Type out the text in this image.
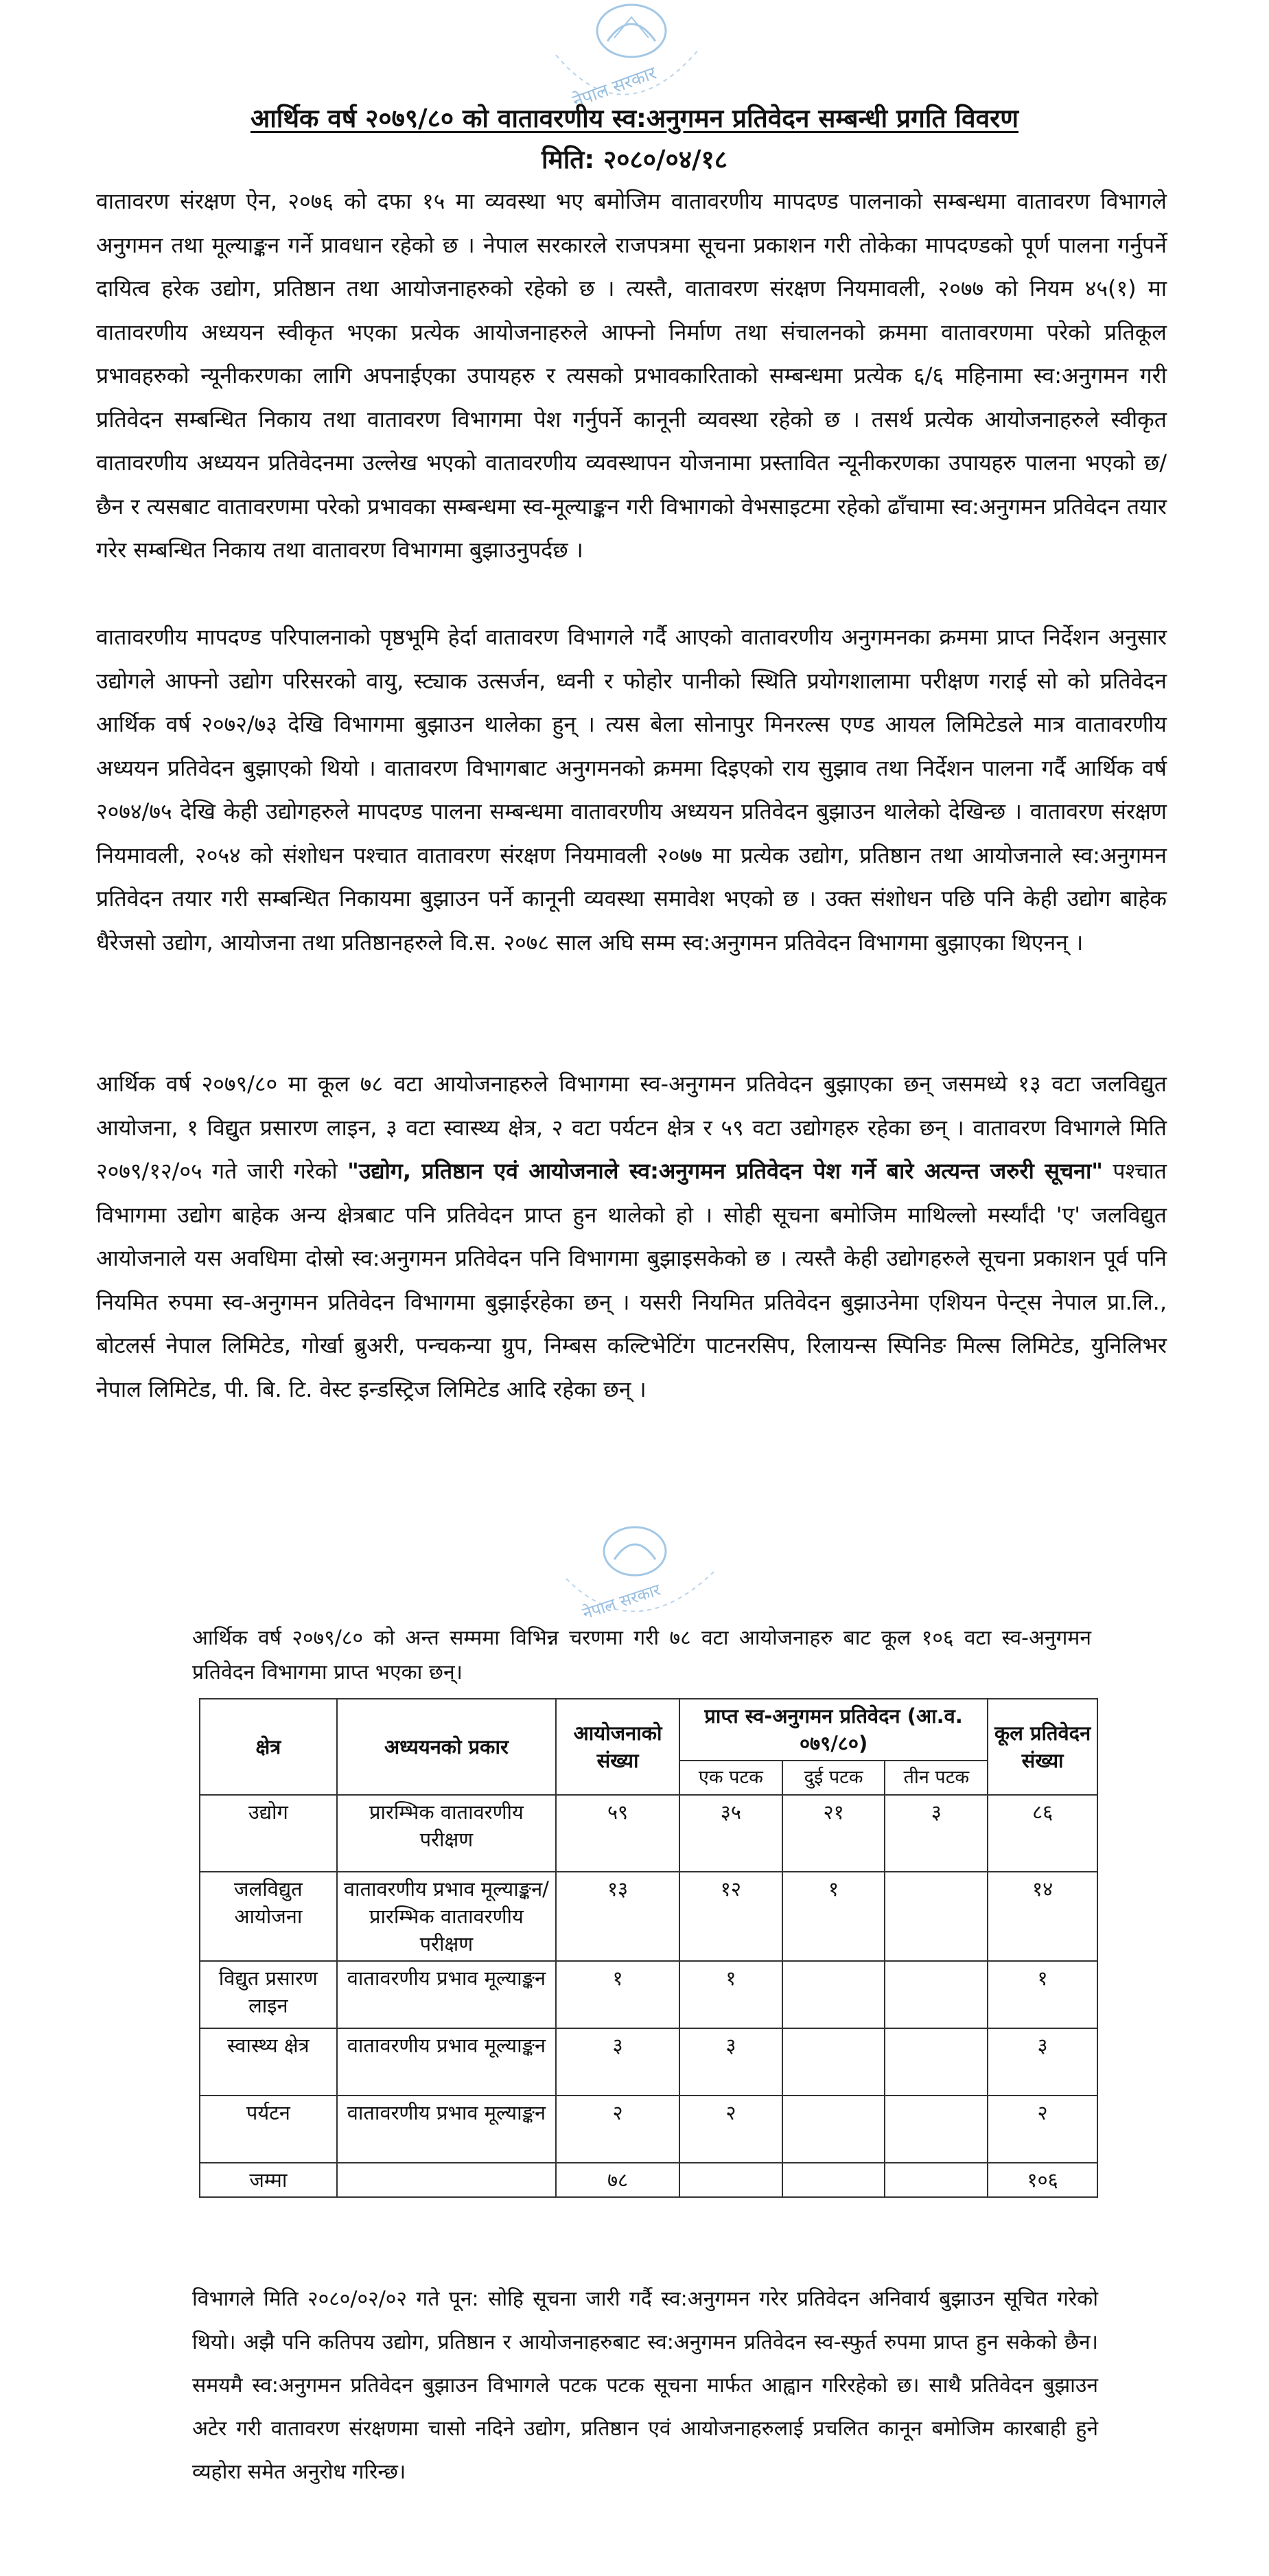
नेपाल सरकार
आर्थिक वर्ष २०७९/८० को वातावरणीय स्व:अनुगमन प्रतिवेदन सम्बन्धी प्रगति विवरण
मिति: २०८०/०४/१८
वातावरण संरक्षण ऐन, २०७६ को दफा १५ मा व्यवस्था भए बमोजिम वातावरणीय मापदण्ड पालनाको सम्बन्धमा वातावरण विभागले अनुगमन तथा मूल्याङ्कन गर्ने प्रावधान रहेको छ । नेपाल सरकारले राजपत्रमा सूचना प्रकाशन गरी तोकेका मापदण्डको पूर्ण पालना गर्नुपर्ने दायित्व हरेक उद्योग, प्रतिष्ठान तथा आयोजनाहरुको रहेको छ । त्यस्तै, वातावरण संरक्षण नियमावली, २०७७ को नियम ४५(१) मा वातावरणीय अध्ययन स्वीकृत भएका प्रत्येक आयोजनाहरुले आफ्नो निर्माण तथा संचालनको क्रममा वातावरणमा परेको प्रतिकूल प्रभावहरुको न्यूनीकरणका लागि अपनाईएका उपायहरु र त्यसको प्रभावकारिताको सम्बन्धमा प्रत्येक ६/६ महिनामा स्व:अनुगमन गरी प्रतिवेदन सम्बन्धित निकाय तथा वातावरण विभागमा पेश गर्नुपर्ने कानूनी व्यवस्था रहेको छ । तसर्थ प्रत्येक आयोजनाहरुले स्वीकृत वातावरणीय अध्ययन प्रतिवेदनमा उल्लेख भएको वातावरणीय व्यवस्थापन योजनामा प्रस्तावित न्यूनीकरणका उपायहरु पालना भएको छ/छैन र त्यसबाट वातावरणमा परेको प्रभावका सम्बन्धमा स्व-मूल्याङ्कन गरी विभागको वेभसाइटमा रहेको ढाँचामा स्व:अनुगमन प्रतिवेदन तयार गरेर सम्बन्धित निकाय तथा वातावरण विभागमा बुझाउनुपर्दछ ।
वातावरणीय मापदण्ड परिपालनाको पृष्ठभूमि हेर्दा वातावरण विभागले गर्दै आएको वातावरणीय अनुगमनका क्रममा प्राप्त निर्देशन अनुसार उद्योगले आफ्नो उद्योग परिसरको वायु, स्ट्याक उत्सर्जन, ध्वनी र फोहोर पानीको स्थिति प्रयोगशालामा परीक्षण गराई सो को प्रतिवेदन आर्थिक वर्ष २०७२/७३ देखि विभागमा बुझाउन थालेका हुन् । त्यस बेला सोनापुर मिनरल्स एण्ड आयल लिमिटेडले मात्र वातावरणीय अध्ययन प्रतिवेदन बुझाएको थियो । वातावरण विभागबाट अनुगमनको क्रममा दिइएको राय सुझाव तथा निर्देशन पालना गर्दै आर्थिक वर्ष २०७४/७५ देखि केही उद्योगहरुले मापदण्ड पालना सम्बन्धमा वातावरणीय अध्ययन प्रतिवेदन बुझाउन थालेको देखिन्छ । वातावरण संरक्षण नियमावली, २०५४ को संशोधन पश्चात वातावरण संरक्षण नियमावली २०७७ मा प्रत्येक उद्योग, प्रतिष्ठान तथा आयोजनाले स्व:अनुगमन प्रतिवेदन तयार गरी सम्बन्धित निकायमा बुझाउन पर्ने कानूनी व्यवस्था समावेश भएको छ । उक्त संशोधन पछि पनि केही उद्योग बाहेक धैरेजसो उद्योग, आयोजना तथा प्रतिष्ठानहरुले वि.स. २०७८ साल अघि सम्म स्व:अनुगमन प्रतिवेदन विभागमा बुझाएका थिएनन् ।
आर्थिक वर्ष २०७९/८० मा कूल ७८ वटा आयोजनाहरुले विभागमा स्व-अनुगमन प्रतिवेदन बुझाएका छन् जसमध्ये १३ वटा जलविद्युत आयोजना, १ विद्युत प्रसारण लाइन, ३ वटा स्वास्थ्य क्षेत्र, २ वटा पर्यटन क्षेत्र र ५९ वटा उद्योगहरु रहेका छन् । वातावरण विभागले मिति २०७९/१२/०५ गते जारी गरेको "उद्योग, प्रतिष्ठान एवं आयोजनाले स्व:अनुगमन प्रतिवेदन पेश गर्ने बारे अत्यन्त जरुरी सूचना" पश्चात विभागमा उद्योग बाहेक अन्य क्षेत्रबाट पनि प्रतिवेदन प्राप्त हुन थालेको हो । सोही सूचना बमोजिम माथिल्लो मर्स्यांदी 'ए' जलविद्युत आयोजनाले यस अवधिमा दोस्रो स्व:अनुगमन प्रतिवेदन पनि विभागमा बुझाइसकेको छ । त्यस्तै केही उद्योगहरुले सूचना प्रकाशन पूर्व पनि नियमित रुपमा स्व-अनुगमन प्रतिवेदन विभागमा बुझाईरहेका छन् । यसरी नियमित प्रतिवेदन बुझाउनेमा एशियन पेन्ट्स नेपाल प्रा.लि., बोटलर्स नेपाल लिमिटेड, गोर्खा ब्रुअरी, पन्चकन्या ग्रुप, निम्बस कल्टिभेटिंग पाटनरसिप, रिलायन्स स्पिनिङ मिल्स लिमिटेड, युनिलिभर नेपाल लिमिटेड, पी. बि. टि. वेस्ट इन्डस्ट्रिज लिमिटेड आदि रहेका छन् ।
नेपाल सरकार
आर्थिक वर्ष २०७९/८० को अन्त सम्ममा विभिन्न चरणमा गरी ७८ वटा आयोजनाहरु बाट कूल १०६ वटा स्व-अनुगमन प्रतिवेदन विभागमा प्राप्त भएका छन्।
क्षेत्र	अध्ययनको प्रकार	आयोजनाको संख्या	प्राप्त स्व-अनुगमन प्रतिवेदन (आ.व. ०७९/८०)			कूल प्रतिवेदन संख्या
			एक पटक	दुई पटक	तीन पटक	
उद्योग	प्रारम्भिक वातावरणीय परीक्षण	५९	३५	२१	३	८६
जलविद्युत आयोजना	वातावरणीय प्रभाव मूल्याङ्कन/ प्रारम्भिक वातावरणीय परीक्षण	१३	१२	१		१४
विद्युत प्रसारण लाइन	वातावरणीय प्रभाव मूल्याङ्कन	१	१			१
स्वास्थ्य क्षेत्र	वातावरणीय प्रभाव मूल्याङ्कन	३	३			३
पर्यटन	वातावरणीय प्रभाव मूल्याङ्कन	२	२			२
जम्मा		७८				१०६
विभागले मिति २०८०/०२/०२ गते पून: सोहि सूचना जारी गर्दै स्व:अनुगमन गरेर प्रतिवेदन अनिवार्य बुझाउन सूचित गरेको थियो। अझै पनि कतिपय उद्योग, प्रतिष्ठान र आयोजनाहरुबाट स्व:अनुगमन प्रतिवेदन स्व-स्फुर्त रुपमा प्राप्त हुन सकेको छैन। समयमै स्व:अनुगमन प्रतिवेदन बुझाउन विभागले पटक पटक सूचना मार्फत आह्वान गरिरहेको छ। साथै प्रतिवेदन बुझाउन अटेर गरी वातावरण संरक्षणमा चासो नदिने उद्योग, प्रतिष्ठान एवं आयोजनाहरुलाई प्रचलित कानून बमोजिम कारबाही हुने व्यहोरा समेत अनुरोध गरिन्छ।
